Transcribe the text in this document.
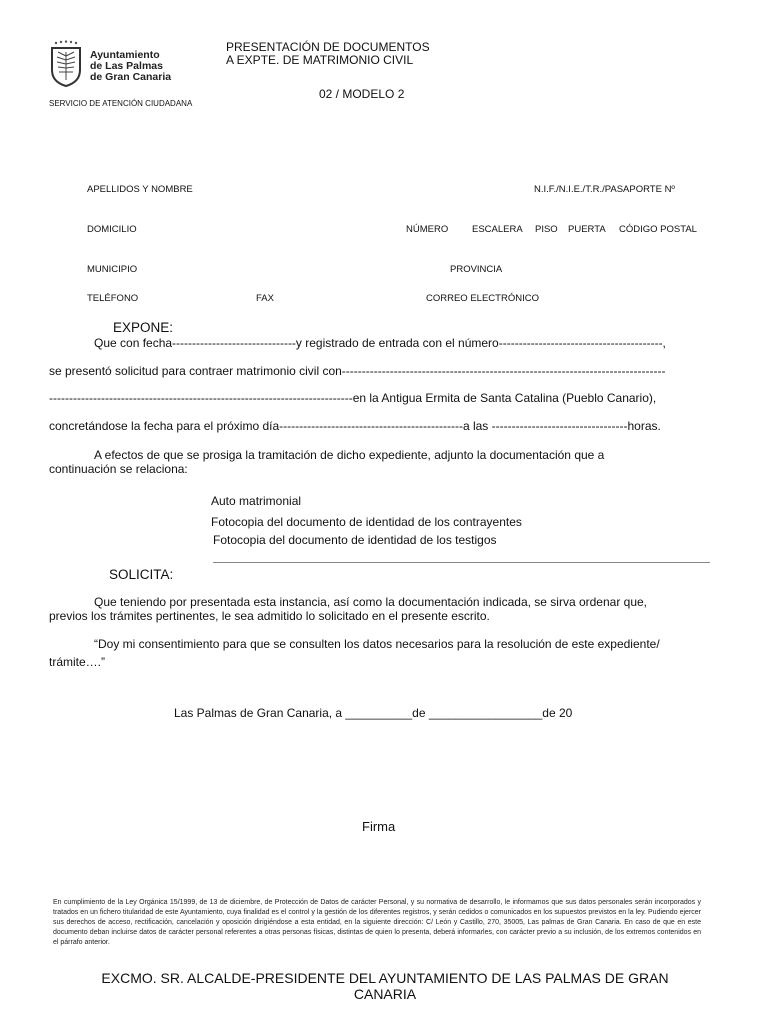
Ayuntamiento
de Las Palmas
de Gran Canaria
PRESENTACIÓN DE DOCUMENTOS
A EXPTE. DE MATRIMONIO CIVIL
02 / MODELO 2
SERVICIO DE ATENCIÓN CIUDADANA
APELLIDOS Y NOMBRE	N.I.F./N.I.E./T.R./PASAPORTE Nº
DOMICILIO	NÚMERO	ESCALERA PISO PUERTA CÓDIGO POSTAL
MUNICIPIO	PROVINCIA
TELÉFONO	FAX	CORREO ELECTRÓNICO
EXPONE:
Que con fecha-------------------------------y registrado de entrada con el número-----------------------------------------,
se presentó solicitud para contraer matrimonio civil con---------------------------------------------------------------------------------
----------------------------------------------------------------------------en la Antigua Ermita de Santa Catalina (Pueblo Canario),
concretándose la fecha para el próximo día----------------------------------------------a las ----------------------------------horas.
A efectos de que se prosiga la tramitación de dicho expediente, adjunto la documentación que a
continuación se relaciona:
Auto matrimonial
Fotocopia del documento de identidad de los contrayentes
Fotocopia del documento de identidad de los testigos
SOLICITA:
Que teniendo por presentada esta instancia, así como la documentación indicada, se sirva ordenar que,
previos los trámites pertinentes, le sea admitido lo solicitado en el presente escrito.
“Doy mi consentimiento para que se consulten los datos necesarios para la resolución de este expediente/
trámite….”
Las Palmas de Gran Canaria, a __________de _________________de 20
Firma
En cumplimiento de la Ley Orgánica 15/1999, de 13 de diciembre, de Protección de Datos de carácter Personal, y su normativa de desarrollo, le informamos que sus datos personales serán incorporados y tratados en un fichero titularidad de este Ayuntamiento, cuya finalidad es el control y la gestión de los diferentes registros, y serán cedidos o comunicados en los supuestos previstos en la ley. Pudiendo ejercer sus derechos de acceso, rectificación, cancelación y oposición dirigiéndose a esta entidad, en la siguiente dirección: C/ León y Castillo, 270, 35005, Las palmas de Gran Canaria. En caso de que en este documento deban incluirse datos de carácter personal referentes a otras personas físicas, distintas de quien lo presenta, deberá informarles, con carácter previo a su inclusión, de los extremos contenidos en el párrafo anterior.
EXCMO. SR. ALCALDE-PRESIDENTE DEL AYUNTAMIENTO DE LAS PALMAS DE GRAN CANARIA
